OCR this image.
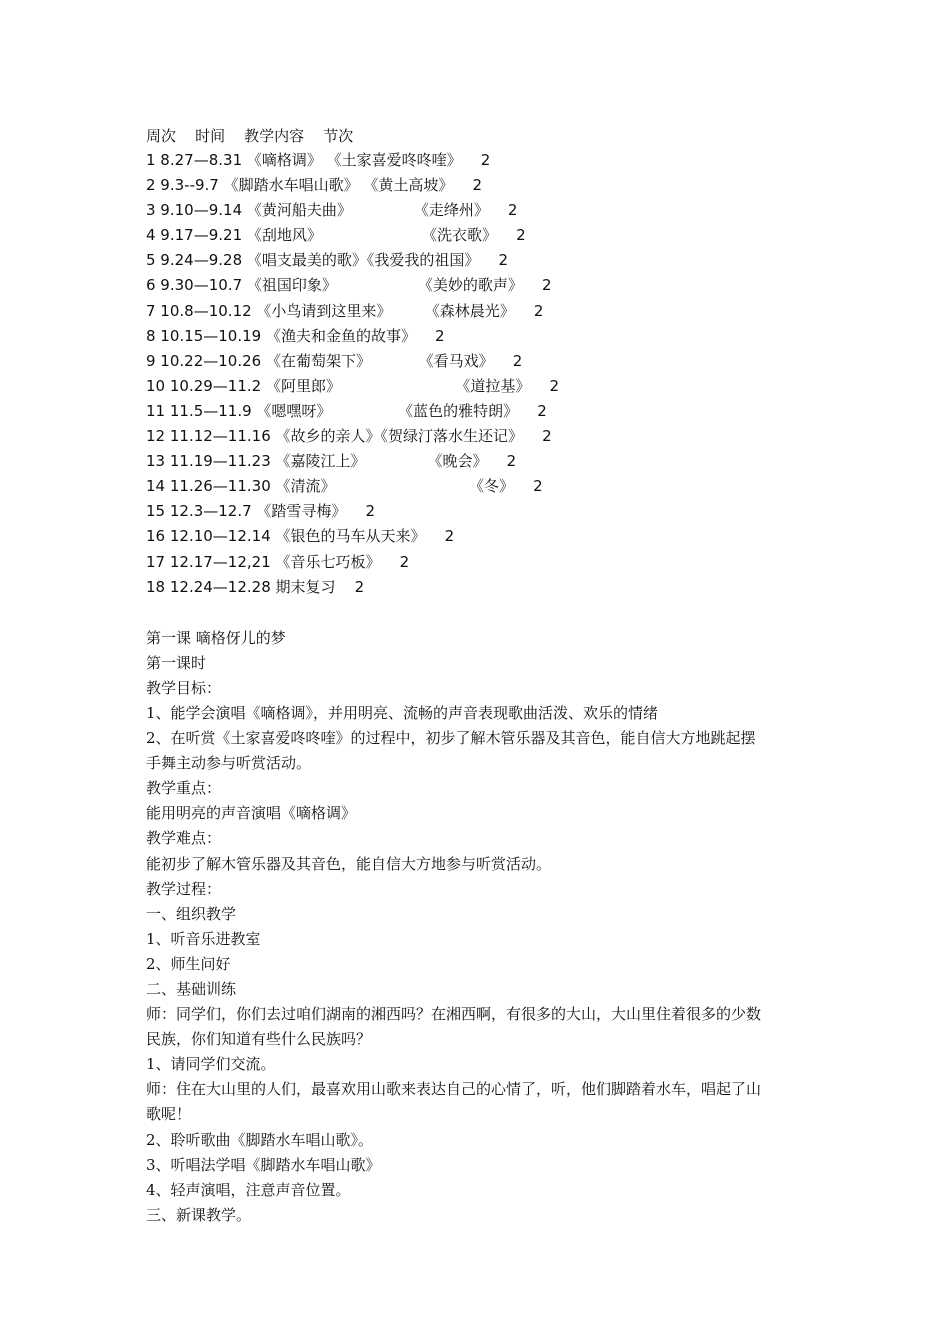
周次    时间    教学内容    节次
1 8.27—8.31 《嘀格调》 《土家喜爱咚咚喹》    2
2 9.3--9.7 《脚踏水车唱山歌》 《黄土高坡》    2
3 9.10—9.14 《黄河船夫曲》             《走绛州》    2
4 9.17—9.21 《刮地风》                     《洗衣歌》    2
5 9.24—9.28 《唱支最美的歌》《我爱我的祖国》    2
6 9.30—10.7 《祖国印象》                 《美妙的歌声》    2
7 10.8—10.12 《小鸟请到这里来》       《森林晨光》    2
8 10.15—10.19 《渔夫和金鱼的故事》    2
9 10.22—10.26 《在葡萄架下》          《看马戏》    2
10 10.29—11.2 《阿里郎》                        《道拉基》    2
11 11.5—11.9 《嗯嘿呀》              《蓝色的雅特朗》    2
12 11.12—11.16 《故乡的亲人》《贺绿汀落水生还记》    2
13 11.19—11.23 《嘉陵江上》             《晚会》    2
14 11.26—11.30 《清流》                            《冬》    2
15 12.3—12.7 《踏雪寻梅》    2
16 12.10—12.14 《银色的马车从天来》    2
17 12.17—12,21 《音乐七巧板》    2
18 12.24—12.28 期末复习    2

第一课 嘀格伢儿的梦

第一课时

教学目标：

1、能学会演唱《嘀格调》，并用明亮、流畅的声音表现歌曲活泼、欢乐的情绪

2、在听赏《土家喜爱咚咚喹》的过程中，初步了解木管乐器及其音色，能自信大方地跳起摆

手舞主动参与听赏活动。

教学重点：

能用明亮的声音演唱《嘀格调》

教学难点：

能初步了解木管乐器及其音色，能自信大方地参与听赏活动。

教学过程：

一、组织教学

1、听音乐进教室

2、师生问好

二、基础训练

师：同学们，你们去过咱们湖南的湘西吗？在湘西啊，有很多的大山，大山里住着很多的少数

民族，你们知道有些什么民族吗？

1、请同学们交流。

师：住在大山里的人们，最喜欢用山歌来表达自己的心情了，听，他们脚踏着水车，唱起了山

歌呢！

2、聆听歌曲《脚踏水车唱山歌》。

3、听唱法学唱《脚踏水车唱山歌》

4、轻声演唱，注意声音位置。

三、新课教学。
